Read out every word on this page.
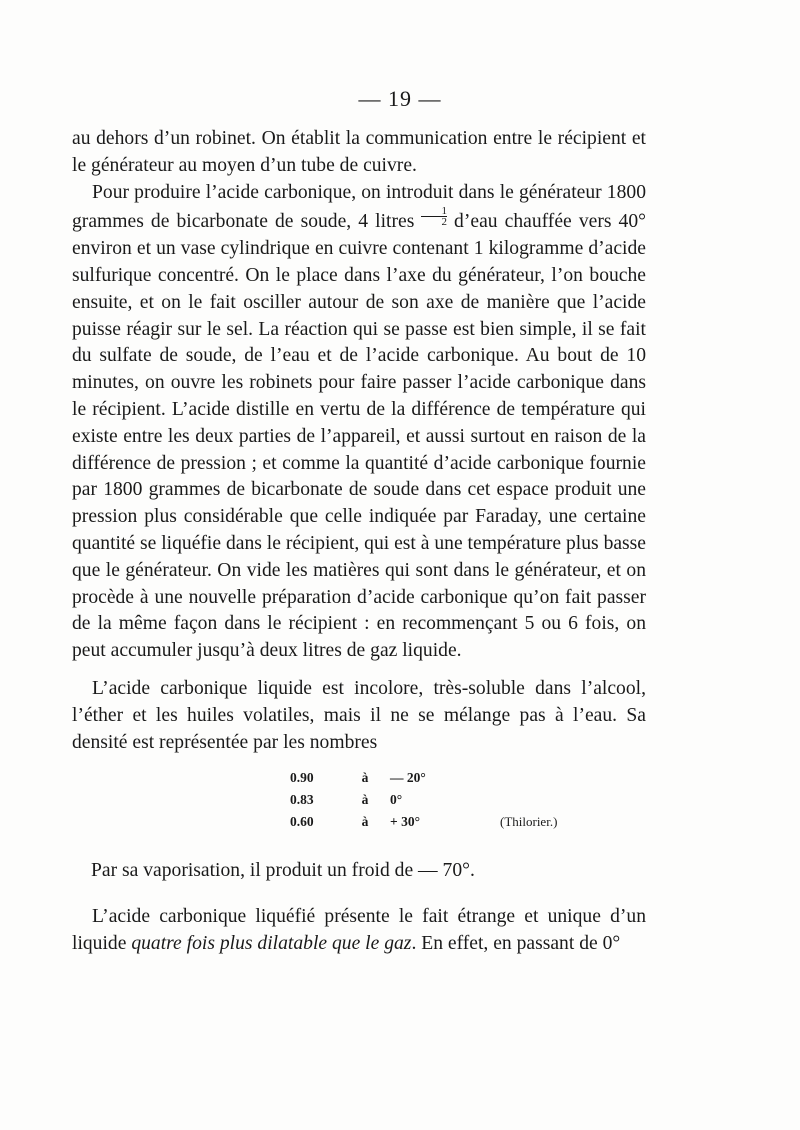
— 19 —

au dehors d’un robinet. On établit la communication entre le récipient et le générateur au moyen d’un tube de cuivre.

Pour produire l’acide carbonique, on introduit dans le générateur 1800 grammes de bicarbonate de soude, 4 litres $\frac{1}{2}$ d’eau chauffée vers 40° environ et un vase cylindrique en cuivre contenant 1 kilogramme d’acide sulfurique concentré. On le place dans l’axe du générateur, l’on bouche ensuite, et on le fait osciller autour de son axe de manière que l’acide puisse réagir sur le sel. La réaction qui se passe est bien simple, il se fait du sulfate de soude, de l’eau et de l’acide carbonique. Au bout de 10 minutes, on ouvre les robinets pour faire passer l’acide carbonique dans le récipient. L’acide distille en vertu de la différence de température qui existe entre les deux parties de l’appareil, et aussi surtout en raison de la différence de pression ; et comme la quantité d’acide carbonique fournie par 1800 grammes de bicarbonate de soude dans cet espace produit une pression plus considérable que celle indiquée par Faraday, une certaine quantité se liquéfie dans le récipient, qui est à une température plus basse que le générateur. On vide les matières qui sont dans le générateur, et on procède à une nouvelle préparation d’acide carbonique qu’on fait passer de la même façon dans le récipient : en recommençant 5 ou 6 fois, on peut accumuler jusqu’à deux litres de gaz liquide.

L’acide carbonique liquide est incolore, très-soluble dans l’alcool, l’éther et les huiles volatiles, mais il ne se mélange pas à l’eau. Sa densité est représentée par les nombres

0.90	à	— 20°	
0.83	à	0°	
0.60	à	+ 30°	(Thilorier.)
Par sa vaporisation, il produit un froid de — 70°.

L’acide carbonique liquéfié présente le fait étrange et unique d’un liquide quatre fois plus dilatable que le gaz. En effet, en passant de 0°
